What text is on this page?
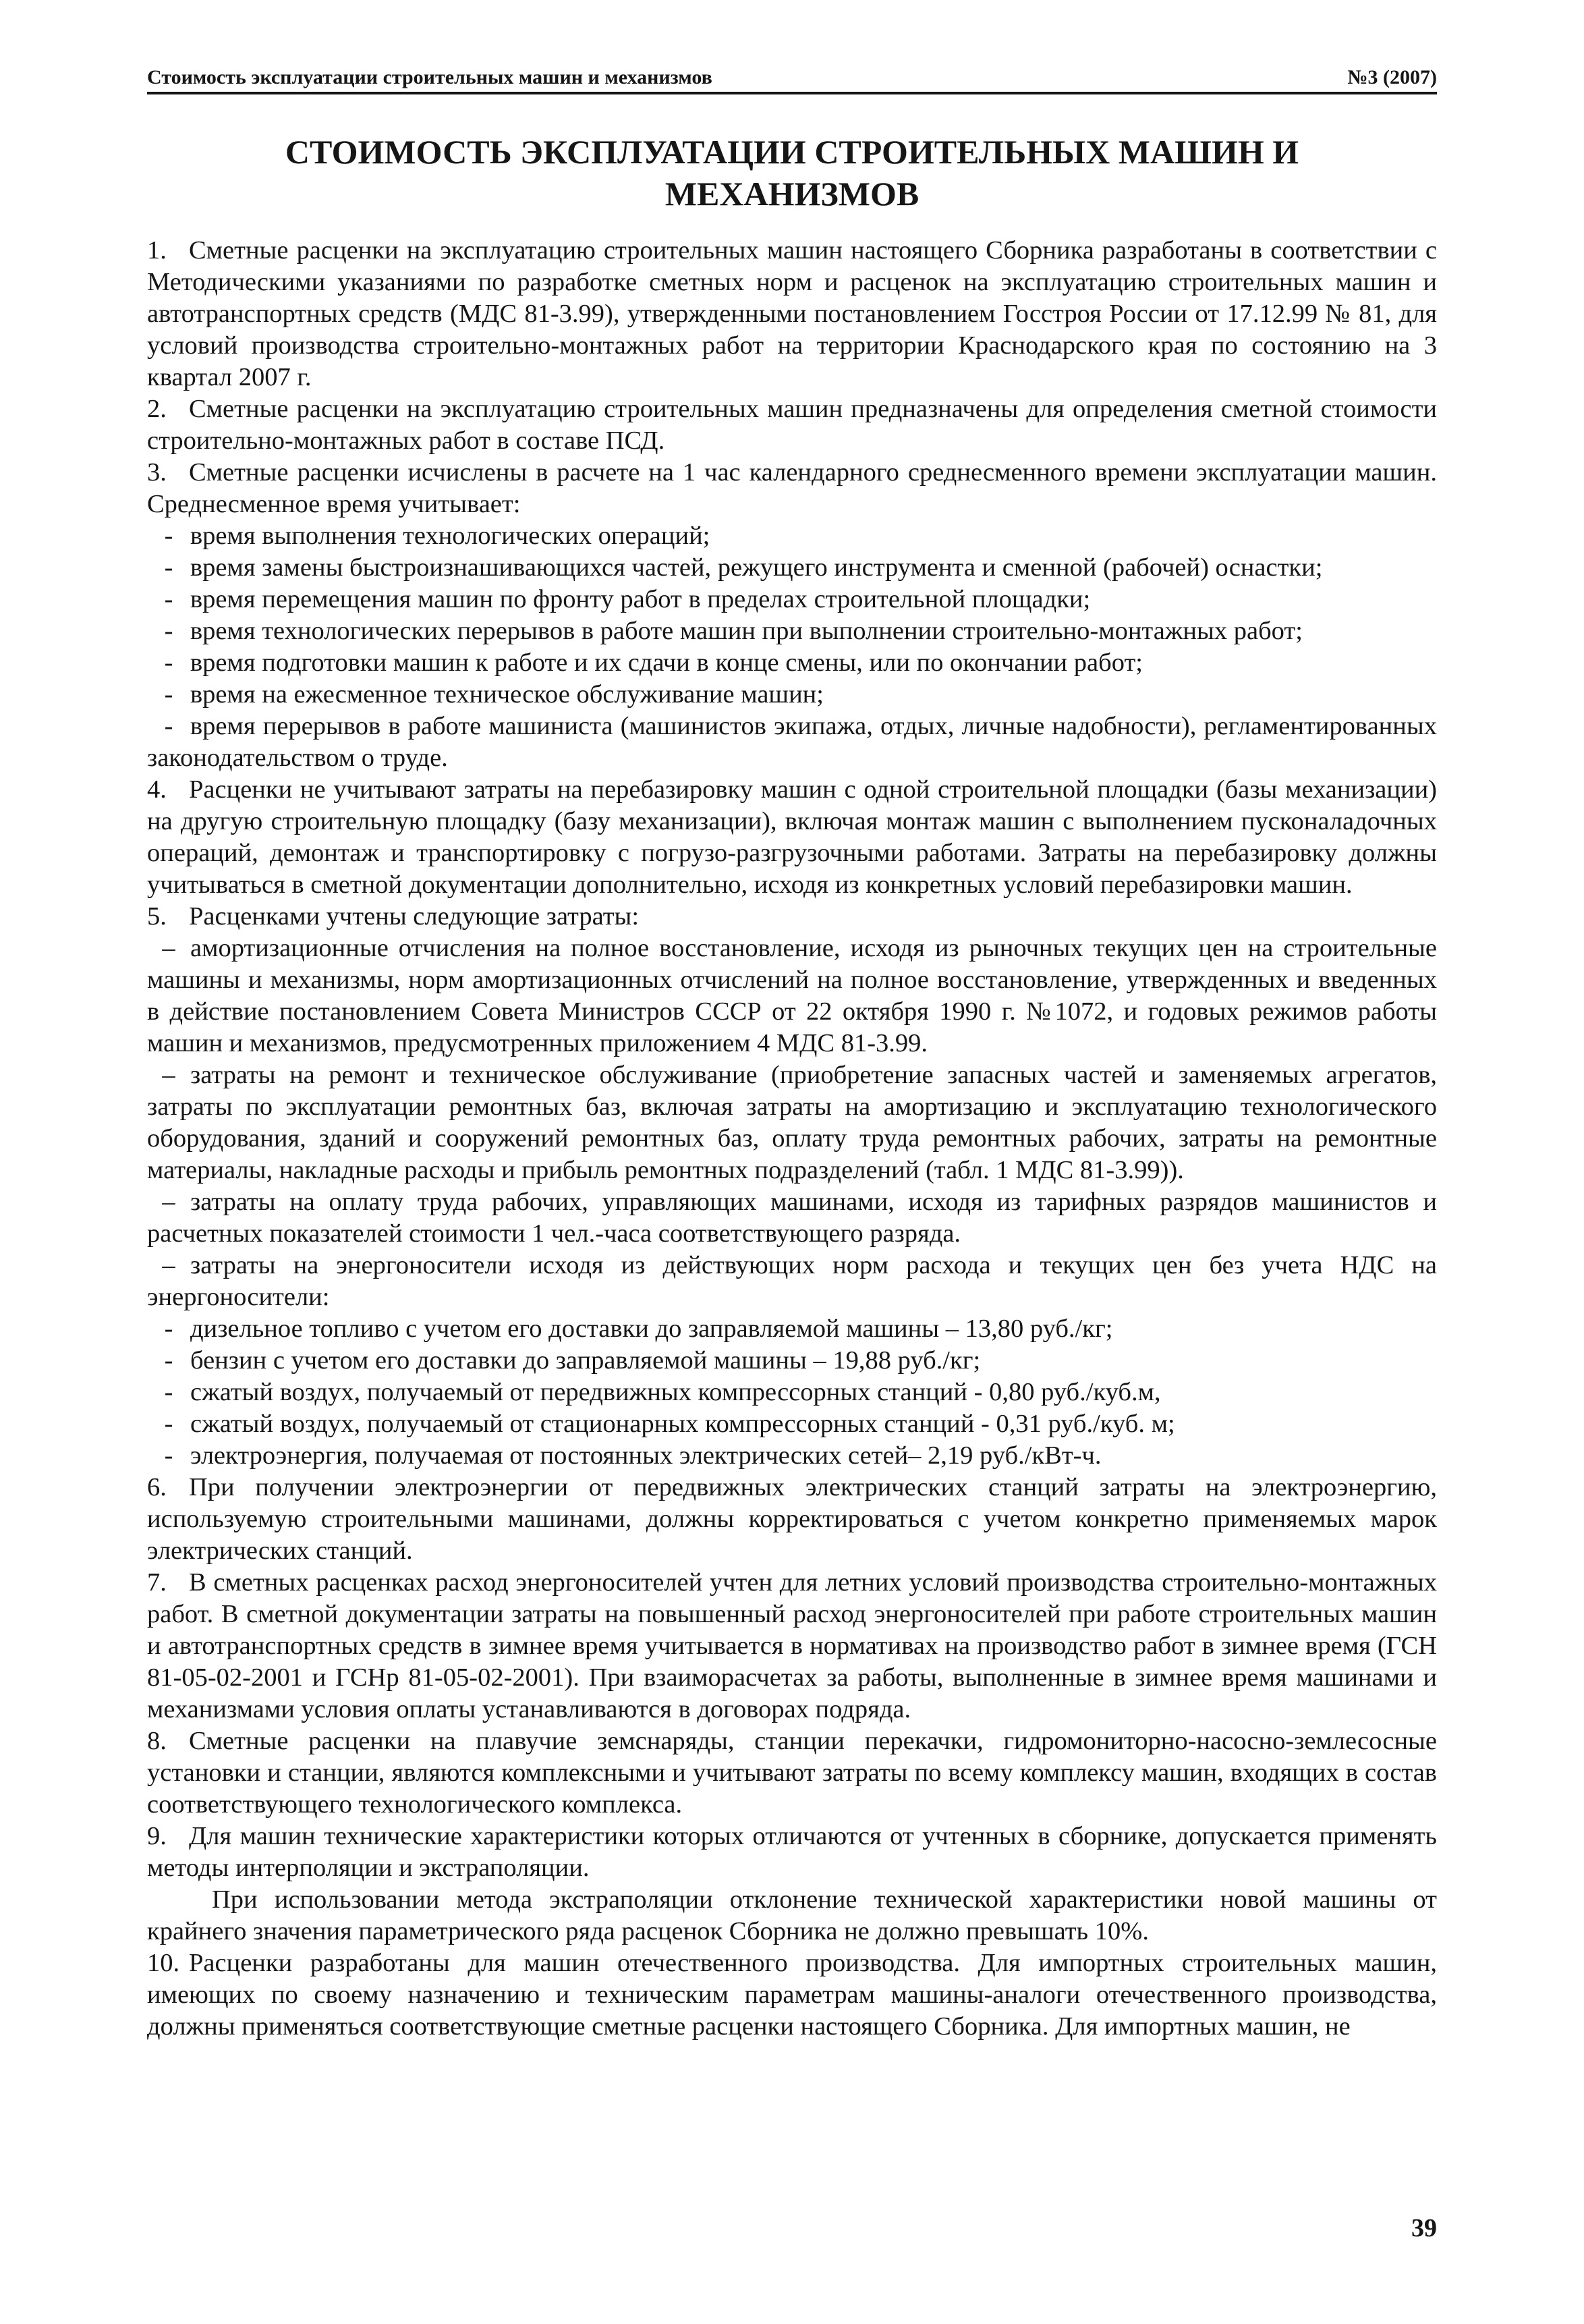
Стоимость эксплуатации строительных машин и механизмов	№3 (2007)
СТОИМОСТЬ ЭКСПЛУАТАЦИИ СТРОИТЕЛЬНЫХ МАШИН И
МЕХАНИЗМОВ

1. Сметные расценки на эксплуатацию строительных машин настоящего Сборника разработаны в соответствии с Методическими указаниями по разработке сметных норм и расценок на эксплуатацию строительных машин и автотранспортных средств (МДС 81-3.99), утвержденными постановлением Госстроя России от 17.12.99 № 81, для условий производства строительно-монтажных работ на территории Краснодарского края по состоянию на 3 квартал 2007 г.

2. Сметные расценки на эксплуатацию строительных машин предназначены для определения сметной стоимости строительно-монтажных работ в составе ПСД.

3. Сметные расценки исчислены в расчете на 1 час календарного среднесменного времени эксплуатации машин. Среднесменное время учитывает:

- время выполнения технологических операций;
- время замены быстроизнашивающихся частей, режущего инструмента и сменной (рабочей) оснастки;
- время перемещения машин по фронту работ в пределах строительной площадки;
- время технологических перерывов в работе машин при выполнении строительно-монтажных работ;
- время подготовки машин к работе и их сдачи в конце смены, или по окончании работ;
- время на ежесменное техническое обслуживание машин;

- время перерывов в работе машиниста (машинистов экипажа, отдых, личные надобности), регламентированных законодательством о труде.

4. Расценки не учитывают затраты на перебазировку машин с одной строительной площадки (базы механизации) на другую строительную площадку (базу механизации), включая монтаж машин с выполнением пусконаладочных операций, демонтаж и транспортировку с погрузо-разгрузочными работами. Затраты на перебазировку должны учитываться в сметной документации дополнительно, исходя из конкретных условий перебазировки машин.

5. Расценками учтены следующие затраты:

– амортизационные отчисления на полное восстановление, исходя из рыночных текущих цен на строительные машины и механизмы, норм амортизационных отчислений на полное восстановление, утвержденных и введенных в действие постановлением Совета Министров СССР от 22 октября 1990 г. №1072, и годовых режимов работы машин и механизмов, предусмотренных приложением 4 МДС 81-3.99.

– затраты на ремонт и техническое обслуживание (приобретение запасных частей и заменяемых агрегатов, затраты по эксплуатации ремонтных баз, включая затраты на амортизацию и эксплуатацию технологического оборудования, зданий и сооружений ремонтных баз, оплату труда ремонтных рабочих, затраты на ремонтные материалы, накладные расходы и прибыль ремонтных подразделений (табл. 1 МДС 81-3.99)).

– затраты на оплату труда рабочих, управляющих машинами, исходя из тарифных разрядов машинистов и расчетных показателей стоимости 1 чел.-часа соответствующего разряда.

– затраты на энергоносители исходя из действующих норм расхода и текущих цен без учета НДС на энергоносители:

- дизельное топливо с учетом его доставки до заправляемой машины – 13,80 руб./кг;
- бензин с учетом его доставки до заправляемой машины – 19,88 руб./кг;
- сжатый воздух, получаемый от передвижных компрессорных станций - 0,80 руб./куб.м,
- сжатый воздух, получаемый от стационарных компрессорных станций - 0,31 руб./куб. м;
- электроэнергия, получаемая от постоянных электрических сетей– 2,19 руб./кВт-ч.

6. При получении электроэнергии от передвижных электрических станций затраты на электроэнергию, используемую строительными машинами, должны корректироваться с учетом конкретно применяемых марок электрических станций.

7. В сметных расценках расход энергоносителей учтен для летних условий производства строительно-монтажных работ. В сметной документации затраты на повышенный расход энергоносителей при работе строительных машин и автотранспортных средств в зимнее время учитывается в нормативах на производство работ в зимнее время (ГСН 81-05-02-2001 и ГСНр 81-05-02-2001). При взаиморасчетах за работы, выполненные в зимнее время машинами и механизмами условия оплаты устанавливаются в договорах подряда.

8. Сметные расценки на плавучие земснаряды, станции перекачки, гидромониторно-насосно-землесосные установки и станции, являются комплексными и учитывают затраты по всему комплексу машин, входящих в состав соответствующего технологического комплекса.

9. Для машин технические характеристики которых отличаются от учтенных в сборнике, допускается применять методы интерполяции и экстраполяции.

При использовании метода экстраполяции отклонение технической характеристики новой машины от крайнего значения параметрического ряда расценок Сборника не должно превышать 10%.

10. Расценки разработаны для машин отечественного производства. Для импортных строительных машин, имеющих по своему назначению и техническим параметрам машины-аналоги отечественного производства, должны применяться соответствующие сметные расценки настоящего Сборника. Для импортных машин, не

39
